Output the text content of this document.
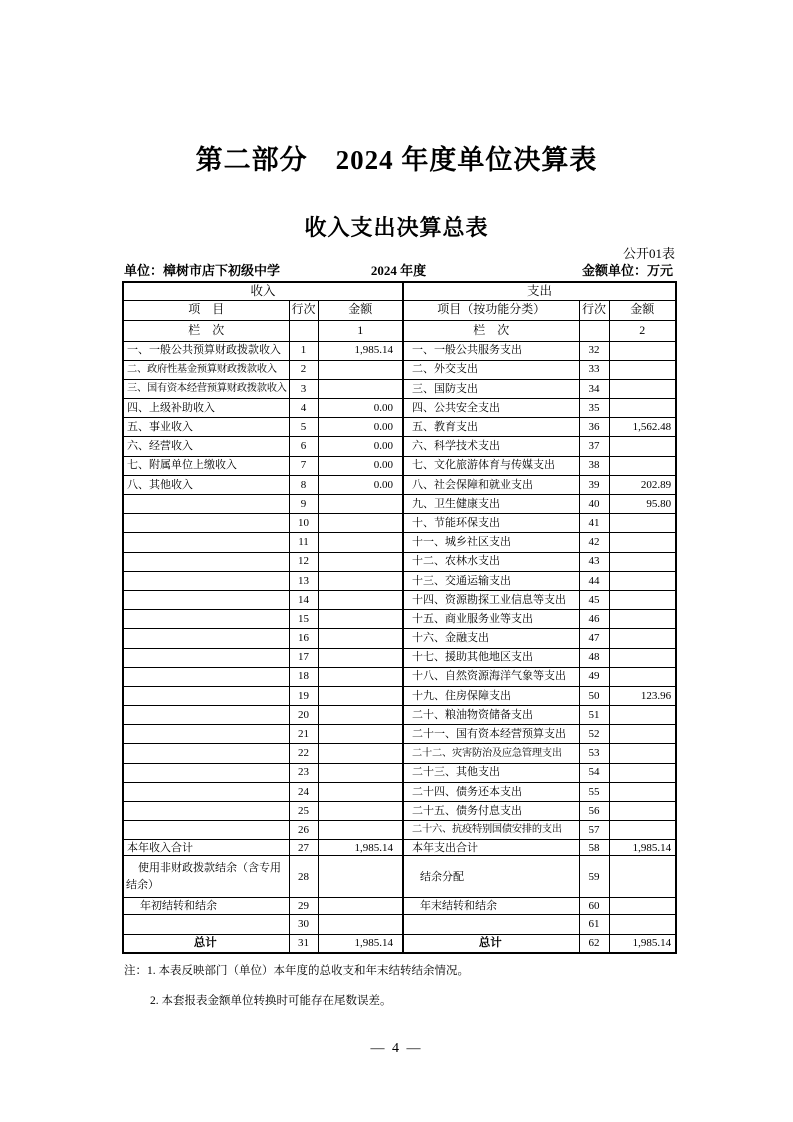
第二部分　2024 年度单位决算表
收入支出决算总表
公开01表
单位：樟树市店下初级中学	2024 年度	金额单位：万元
收入			支出		
项　目	行次	金额	项目（按功能分类）	行次	金额
栏　次		1	栏　次		2
一、一般公共预算财政拨款收入	1	1,985.14	一、一般公共服务支出	32	
二、政府性基金预算财政拨款收入	2		二、外交支出	33	
三、国有资本经营预算财政拨款收入	3		三、国防支出	34	
四、上级补助收入	4	0.00	四、公共安全支出	35	
五、事业收入	5	0.00	五、教育支出	36	1,562.48
六、经营收入	6	0.00	六、科学技术支出	37	
七、附属单位上缴收入	7	0.00	七、文化旅游体育与传媒支出	38	
八、其他收入	8	0.00	八、社会保障和就业支出	39	202.89
	9		九、卫生健康支出	40	95.80
	10		十、节能环保支出	41	
	11		十一、城乡社区支出	42	
	12		十二、农林水支出	43	
	13		十三、交通运输支出	44	
	14		十四、资源勘探工业信息等支出	45	
	15		十五、商业服务业等支出	46	
	16		十六、金融支出	47	
	17		十七、援助其他地区支出	48	
	18		十八、自然资源海洋气象等支出	49	
	19		十九、住房保障支出	50	123.96
	20		二十、粮油物资储备支出	51	
	21		二十一、国有资本经营预算支出	52	
	22		二十二、灾害防治及应急管理支出	53	
	23		二十三、其他支出	54	
	24		二十四、债务还本支出	55	
	25		二十五、债务付息支出	56	
	26		二十六、抗疫特别国债安排的支出	57	
本年收入合计	27	1,985.14	本年支出合计	58	1,985.14
使用非财政拨款结余（含专用结余）	28		结余分配	59	
年初结转和结余	29		年末结转和结余	60	
	30			61	
总计	31	1,985.14	总计	62	1,985.14
注：1. 本表反映部门（单位）本年度的总收支和年末结转结余情况。
2. 本套报表金额单位转换时可能存在尾数误差。
— 4 —
